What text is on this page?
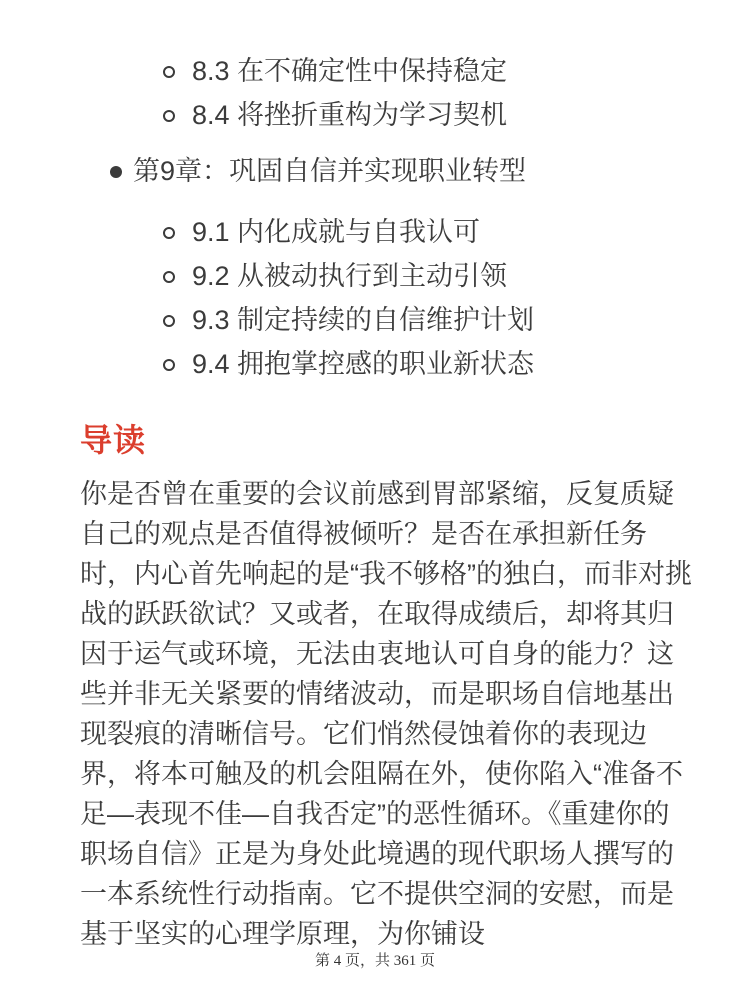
8.3 在不确定性中保持稳定
8.4 将挫折重构为学习契机
第9章：巩固自信并实现职业转型
9.1 内化成就与自我认可
9.2 从被动执行到主动引领
9.3 制定持续的自信维护计划
9.4 拥抱掌控感的职业新状态
导读

你是否曾在重要的会议前感到胃部紧缩，反复质疑自己的观点是否值得被倾听？是否在承担新任务时，内心首先响起的是“我不够格”的独白，而非对挑战的跃跃欲试？又或者，在取得成绩后，却将其归因于运气或环境，无法由衷地认可自身的能力？这些并非无关紧要的情绪波动，而是职场自信地基出现裂痕的清晰信号。它们悄然侵蚀着你的表现边界，将本可触及的机会阻隔在外，使你陷入“准备不足—表现不佳—自我否定”的恶性循环。《重建你的职场自信》正是为身处此境遇的现代职场人撰写的一本系统性行动指南。它不提供空洞的安慰，而是基于坚实的心理学原理，为你铺设

第 4 页，共 361 页
